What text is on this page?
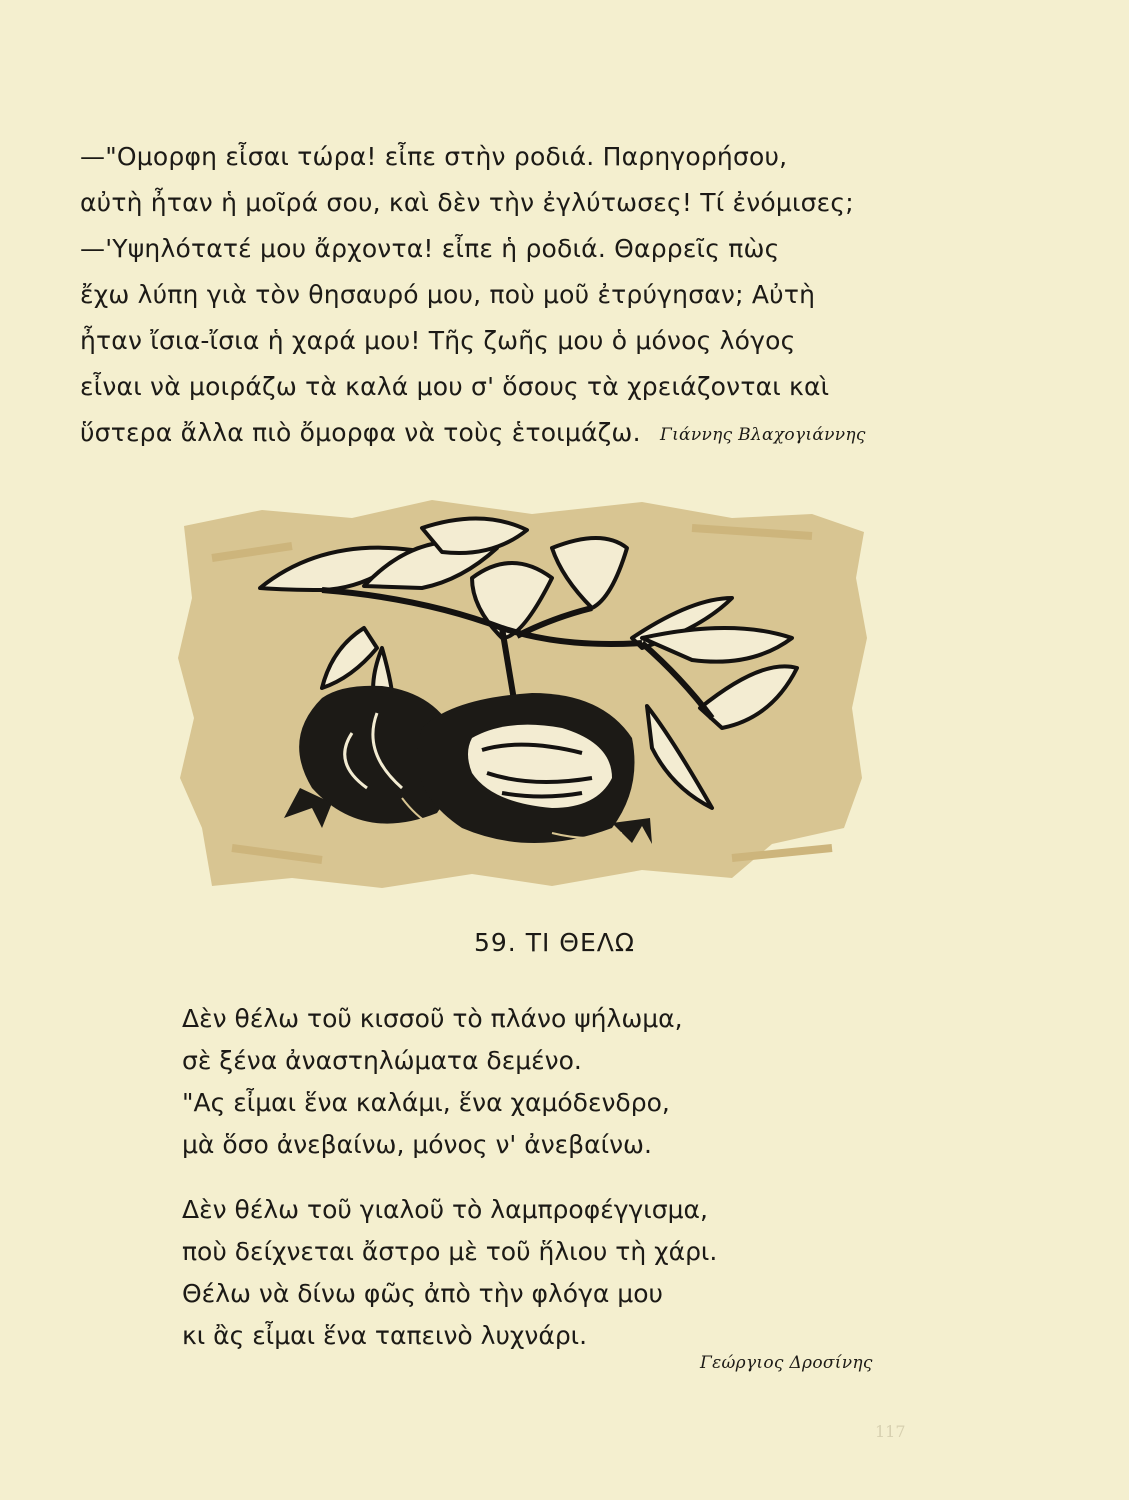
—"Ομορφη εἶσαι τώρα! εἶπε στὴν ροδιά. Παρηγορήσου,
αὐτὴ ἦταν ἡ μοῖρά σου, καὶ δὲν τὴν ἐγλύτωσες! Τί ἐνόμισες;
—'Υψηλότατέ μου ἄρχοντα! εἶπε ἡ ροδιά. Θαρρεῖς πὼς
ἔχω λύπη γιὰ τὸν θησαυρό μου, ποὺ μοῦ ἐτρύγησαν; Αὐτὴ
ἦταν ἴσια-ἴσια ἡ χαρά μου! Τῆς ζωῆς μου ὁ μόνος λόγος
εἶναι νὰ μοιράζω τὰ καλά μου σ' ὅσους τὰ χρειάζονται καὶ
ὕστερα ἄλλα πιὸ ὄμορφα νὰ τοὺς ἑτοιμάζω.	Γιάννης Βλαχογιάννης
59. ΤΙ ΘΕΛΩ
Δὲν θέλω τοῦ κισσοῦ τὸ πλάνο ψήλωμα,
σὲ ξένα ἀναστηλώματα δεμένο.
"Ας εἶμαι ἕνα καλάμι, ἕνα χαμόδενδρο,
μὰ ὅσο ἀνεβαίνω, μόνος ν' ἀνεβαίνω.
Δὲν θέλω τοῦ γιαλοῦ τὸ λαμπροφέγγισμα,
ποὺ δείχνεται ἄστρο μὲ τοῦ ἥλιου τὴ χάρι.
Θέλω νὰ δίνω φῶς ἀπὸ τὴν φλόγα μου
κι ἂς εἶμαι ἕνα ταπεινὸ λυχνάρι.
Γεώργιος Δροσίνης
117
